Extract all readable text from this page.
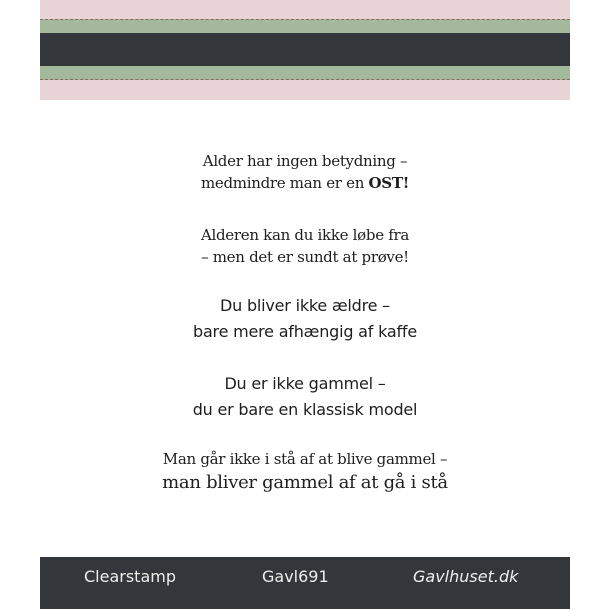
Alder har ingen betydning –

medmindre man er en OST!

Alderen kan du ikke løbe fra

– men det er sundt at prøve!

Du bliver ikke ældre –

bare mere afhængig af kaffe

Du er ikke gammel –

du er bare en klassisk model

Man går ikke i stå af at blive gammel –

man bliver gammel af at gå i stå

Clearstamp	Gavl691	Gavlhuset.dk
